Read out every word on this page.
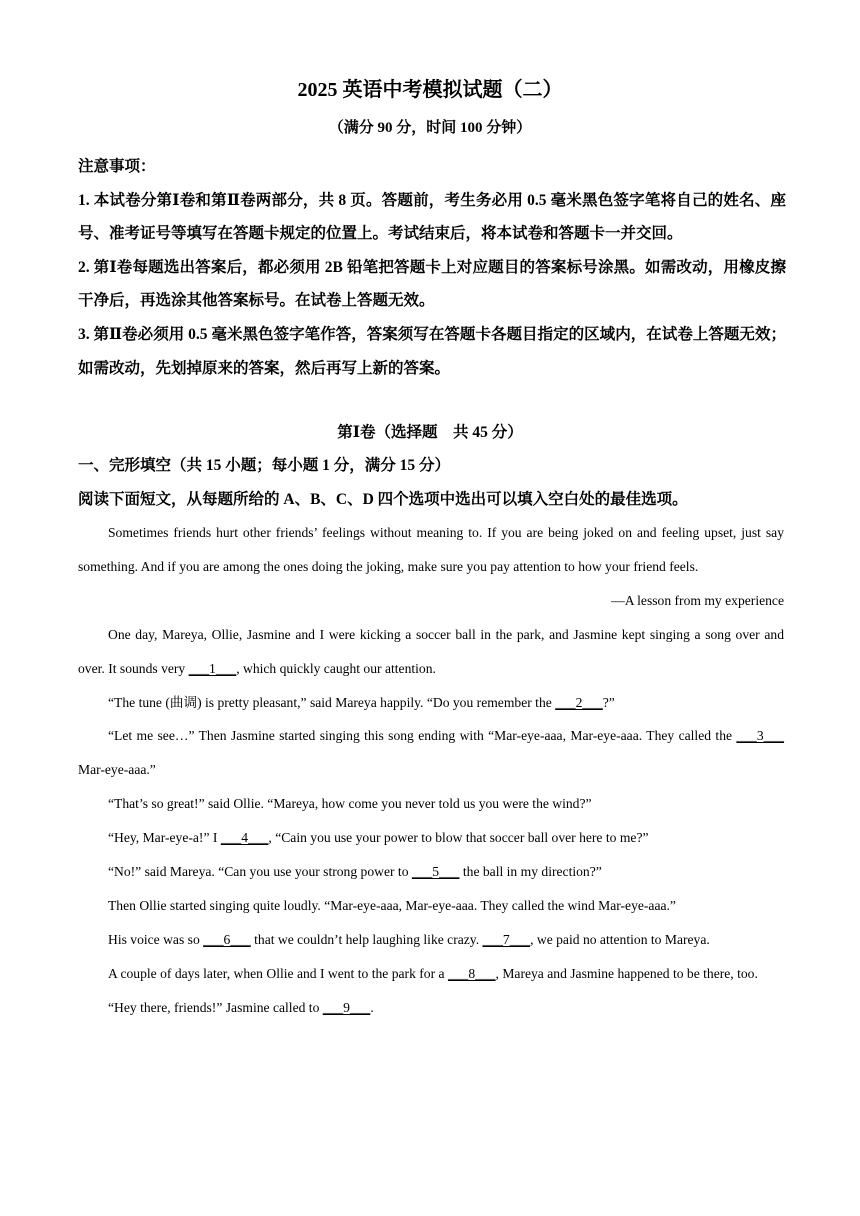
2025 英语中考模拟试题（二）
（满分 90 分，时间 100 分钟）

注意事项：

1. 本试卷分第Ⅰ卷和第Ⅱ卷两部分，共 8 页。答题前，考生务必用 0.5 毫米黑色签字笔将自己的姓名、座号、准考证号等填写在答题卡规定的位置上。考试结束后，将本试卷和答题卡一并交回。

2. 第Ⅰ卷每题选出答案后，都必须用 2B 铅笔把答题卡上对应题目的答案标号涂黑。如需改动，用橡皮擦干净后，再选涂其他答案标号。在试卷上答题无效。

3. 第Ⅱ卷必须用 0.5 毫米黑色签字笔作答，答案须写在答题卡各题目指定的区域内，在试卷上答题无效；如需改动，先划掉原来的答案，然后再写上新的答案。

第Ⅰ卷（选择题　共 45 分）
一、完形填空（共 15 小题；每小题 1 分，满分 15 分）
阅读下面短文，从每题所给的 A、B、C、D 四个选项中选出可以填入空白处的最佳选项。

Sometimes friends hurt other friends’ feelings without meaning to. If you are being joked on and feeling upset, just say something. And if you are among the ones doing the joking, make sure you pay attention to how your friend feels.

—A lesson from my experience

One day, Mareya, Ollie, Jasmine and I were kicking a soccer ball in the park, and Jasmine kept singing a song over and over. It sounds very ___1___, which quickly caught our attention.

“The tune (曲调) is pretty pleasant,” said Mareya happily. “Do you remember the ___2___?”

“Let me see…” Then Jasmine started singing this song ending with “Mar-eye-aaa, Mar-eye-aaa. They called the ___3___ Mar-eye-aaa.”

“That’s so great!” said Ollie. “Mareya, how come you never told us you were the wind?”

“Hey, Mar-eye-a!” I ___4___, “Cain you use your power to blow that soccer ball over here to me?”

“No!” said Mareya. “Can you use your strong power to ___5___ the ball in my direction?”

Then Ollie started singing quite loudly. “Mar-eye-aaa, Mar-eye-aaa. They called the wind Mar-eye-aaa.”

His voice was so ___6___ that we couldn’t help laughing like crazy. ___7___, we paid no attention to Mareya.

A couple of days later, when Ollie and I went to the park for a ___8___, Mareya and Jasmine happened to be there, too.

“Hey there, friends!” Jasmine called to ___9___.
